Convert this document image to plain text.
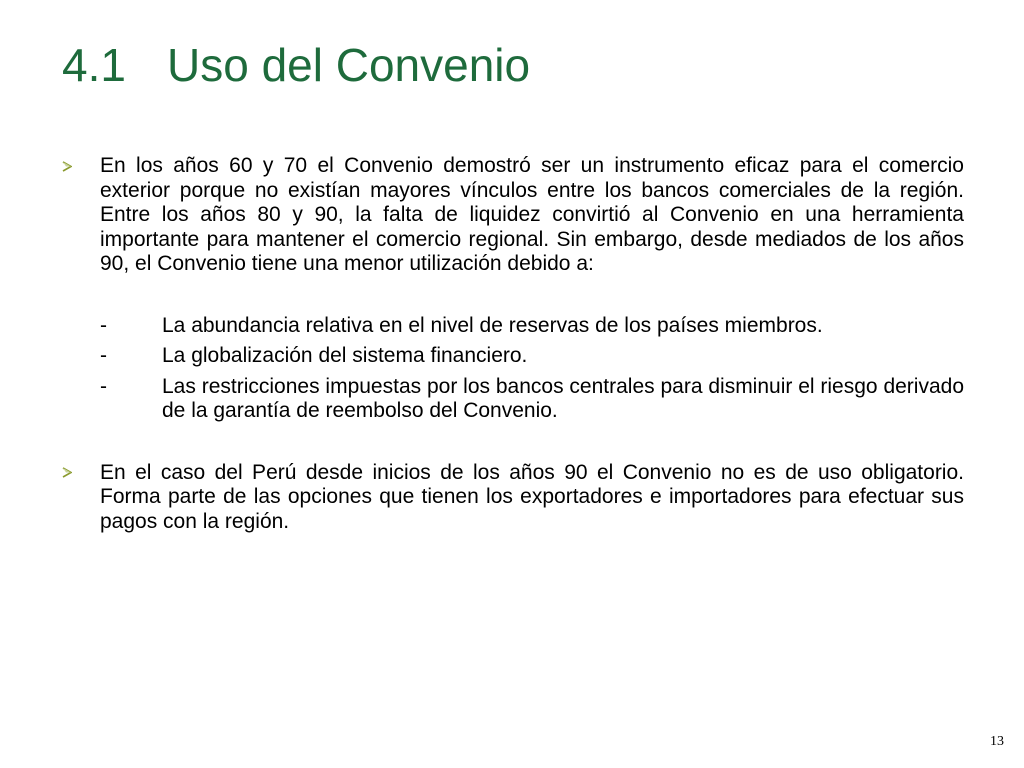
4.1 Uso del Convenio
En los años 60 y 70 el Convenio demostró ser un instrumento eficaz para el comercio exterior porque no existían mayores vínculos entre los bancos comerciales de la región. Entre los años 80 y 90, la falta de liquidez convirtió al Convenio en una herramienta importante para mantener el comercio regional. Sin embargo, desde mediados de los años 90, el Convenio tiene una menor utilización debido a:
-	La abundancia relativa en el nivel de reservas de los países miembros.
-	La globalización del sistema financiero.
-	Las restricciones impuestas por los bancos centrales para disminuir el riesgo derivado de la garantía de reembolso del Convenio.
En el caso del Perú desde inicios de los años 90 el Convenio no es de uso obligatorio. Forma parte de las opciones que tienen los exportadores e importadores para efectuar sus pagos con la región.
13
